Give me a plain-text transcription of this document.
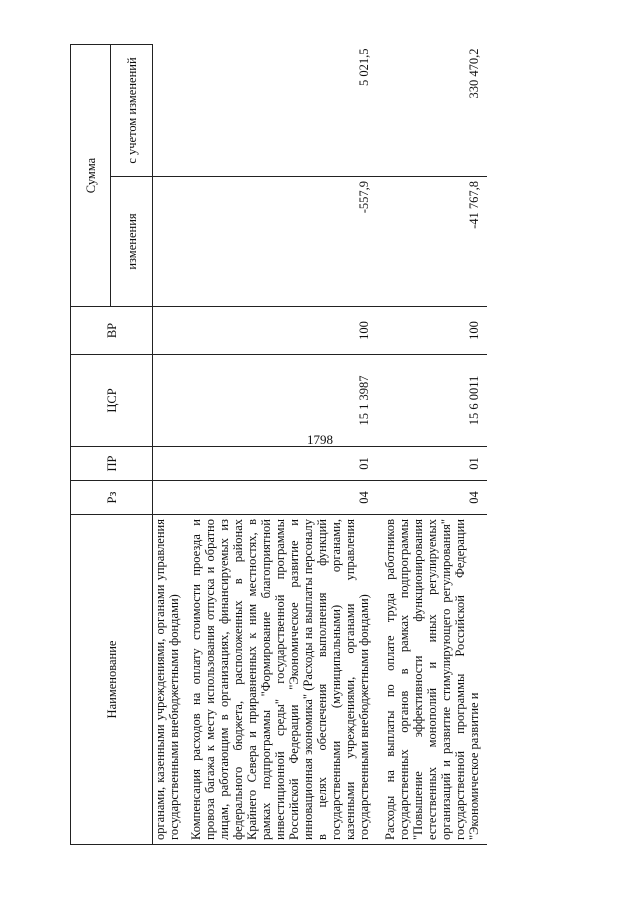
1798
Наименование	Рз	ПР	ЦСР	ВР	Сумма	
					изменения	с учетом изменений
органами, казенными учреждениями, органами управления государственными внебюджетными фондами)						
Компенсация расходов на оплату стоимости проезда и провоза багажа к месту использования отпуска и обратно лицам, работающим в организациях, финансируемых из федерального бюджета, расположенных в районах Крайнего Севера и приравненных к ним местностях, в рамках подпрограммы "Формирование благоприятной инвестиционной среды" государственной программы Российской Федерации "Экономическое развитие и инновационная экономика" (Расходы на выплаты персоналу в целях обеспечения выполнения функций государственными (муниципальными) органами, казенными учреждениями, органами управления государственными внебюджетными фондами)	04	01	15 1 3987	100	-557,9	5 021,5
Расходы на выплаты по оплате труда работников государственных органов в рамках подпрограммы "Повышение эффективности функционирования естественных монополий и иных регулируемых организаций и развитие стимулирующего регулирования" государственной программы Российской Федерации "Экономическое развитие и	04	01	15 6 0011	100	-41 767,8	330 470,2
